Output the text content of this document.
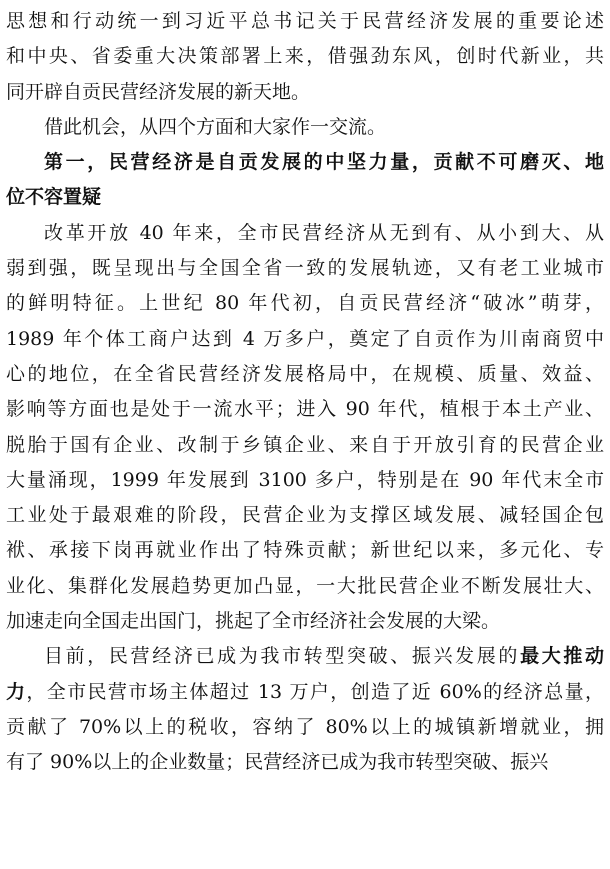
思想和行动统一到习近平总书记关于民营经济发展的重要论述
和中央、省委重大决策部署上来，借强劲东风，创时代新业，共
同开辟自贡民营经济发展的新天地。
借此机会，从四个方面和大家作一交流。
第一，民营经济是自贡发展的中坚力量，贡献不可磨灭、地
位不容置疑
改革开放 40 年来，全市民营经济从无到有、从小到大、从
弱到强，既呈现出与全国全省一致的发展轨迹，又有老工业城市
的鲜明特征。上世纪 80 年代初，自贡民营经济“破冰”萌芽，
1989 年个体工商户达到 4 万多户，奠定了自贡作为川南商贸中
心的地位，在全省民营经济发展格局中，在规模、质量、效益、
影响等方面也是处于一流水平；进入 90 年代，植根于本土产业、
脱胎于国有企业、改制于乡镇企业、来自于开放引育的民营企业
大量涌现，1999 年发展到 3100 多户，特别是在 90 年代末全市
工业处于最艰难的阶段，民营企业为支撑区域发展、减轻国企包
袱、承接下岗再就业作出了特殊贡献；新世纪以来，多元化、专
业化、集群化发展趋势更加凸显，一大批民营企业不断发展壮大、
加速走向全国走出国门，挑起了全市经济社会发展的大梁。
目前，民营经济已成为我市转型突破、振兴发展的最大推动
力，全市民营市场主体超过 13 万户，创造了近 60%的经济总量，
贡献了 70%以上的税收，容纳了 80%以上的城镇新增就业，拥
有了 90%以上的企业数量；民营经济已成为我市转型突破、振兴
